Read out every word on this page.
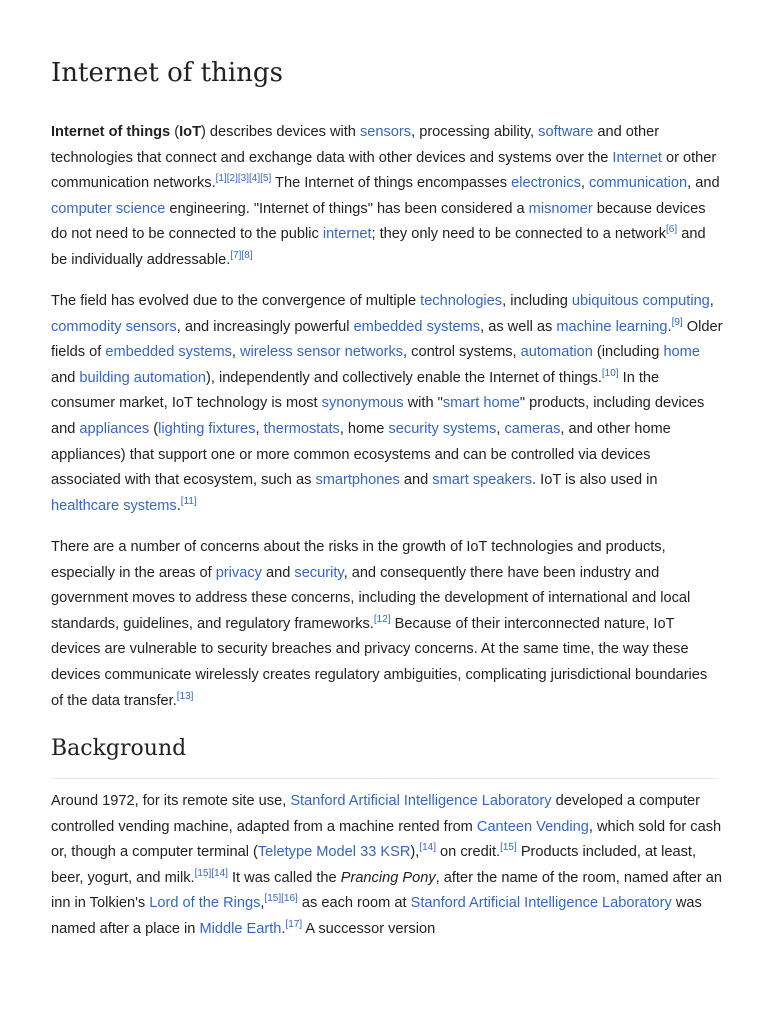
Internet of things

Internet of things (IoT) describes devices with sensors, processing ability, software and other technologies that connect and exchange data with other devices and systems over the Internet or other communication networks.[1][2][3][4][5] The Internet of things encompasses electronics, communication, and computer science engineering. "Internet of things" has been considered a misnomer because devices do not need to be connected to the public internet; they only need to be connected to a network[6] and be individually addressable.[7][8]

The field has evolved due to the convergence of multiple technologies, including ubiquitous computing, commodity sensors, and increasingly powerful embedded systems, as well as machine learning.[9] Older fields of embedded systems, wireless sensor networks, control systems, automation (including home and building automation), independently and collectively enable the Internet of things.[10] In the consumer market, IoT technology is most synonymous with "smart home" products, including devices and appliances (lighting fixtures, thermostats, home security systems, cameras, and other home appliances) that support one or more common ecosystems and can be controlled via devices associated with that ecosystem, such as smartphones and smart speakers. IoT is also used in healthcare systems.[11]

There are a number of concerns about the risks in the growth of IoT technologies and products, especially in the areas of privacy and security, and consequently there have been industry and government moves to address these concerns, including the development of international and local standards, guidelines, and regulatory frameworks.[12] Because of their interconnected nature, IoT devices are vulnerable to security breaches and privacy concerns. At the same time, the way these devices communicate wirelessly creates regulatory ambiguities, complicating jurisdictional boundaries of the data transfer.[13]

Background

Around 1972, for its remote site use, Stanford Artificial Intelligence Laboratory developed a computer controlled vending machine, adapted from a machine rented from Canteen Vending, which sold for cash or, though a computer terminal (Teletype Model 33 KSR),[14] on credit.[15] Products included, at least, beer, yogurt, and milk.[15][14] It was called the Prancing Pony, after the name of the room, named after an inn in Tolkien's Lord of the Rings,[15][16] as each room at Stanford Artificial Intelligence Laboratory was named after a place in Middle Earth.[17] A successor version
